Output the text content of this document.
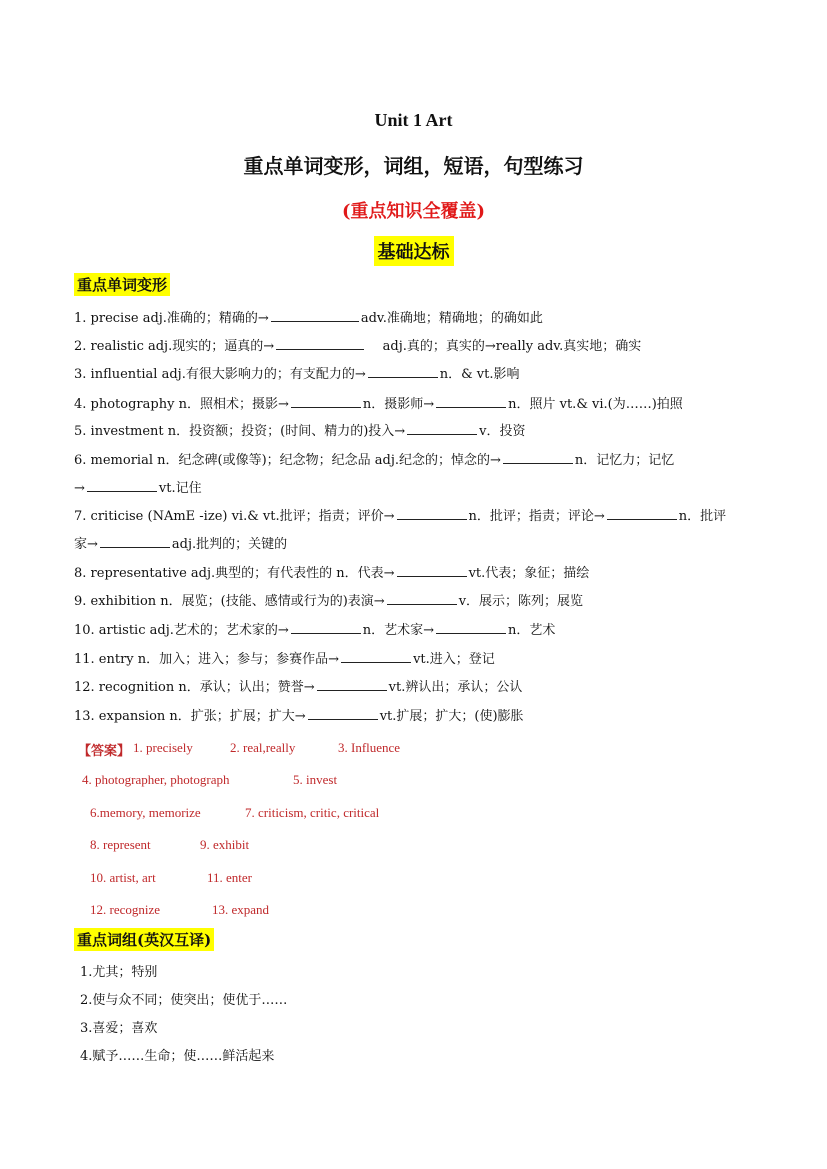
Unit 1 Art
重点单词变形，词组，短语，句型练习
(重点知识全覆盖)
基础达标
重点单词变形
1. precise adj.准确的；精确的→	adv.准确地；精确地；的确如此
2. realistic adj.现实的；逼真的→	adj.真的；真实的→really adv.真实地；确实
3. influential adj.有很大影响力的；有支配力的→	n．& vt.影响
4. photography n．照相术；摄影→	n．摄影师→	n．照片 vt.& vi.(为……)拍照
5. investment n．投资额；投资；(时间、精力的)投入→	v．投资
6. memorial n．纪念碑(或像等)；纪念物；纪念品 adj.纪念的；悼念的→	n．记忆力；记忆
→	vt.记住
7. criticise (NAmE -ize) vi.& vt.批评；指责；评价→	n．批评；指责；评论→	n．批评
家→	adj.批判的；关键的
8. representative adj.典型的；有代表性的 n．代表→	vt.代表；象征；描绘
9. exhibition n．展览；(技能、感情或行为的)表演→	v．展示；陈列；展览
10. artistic adj.艺术的；艺术家的→	n．艺术家→	n．艺术
11. entry n．加入；进入；参与；参赛作品→	vt.进入；登记
12. recognition n．承认；认出；赞誉→	vt.辨认出；承认；公认
13. expansion n．扩张；扩展；扩大→	vt.扩展；扩大；(使)膨胀
【答案】 1. precisely	2. real,really	3. Influence
4. photographer, photograph	5. invest
6.memory, memorize	7. criticism, critic, critical
8. represent	9. exhibit
10. artist, art	11. enter
12. recognize	13. expand
重点词组(英汉互译)
1.尤其；特别
2.使与众不同；使突出；使优于……
3.喜爱；喜欢
4.赋予……生命；使……鲜活起来
